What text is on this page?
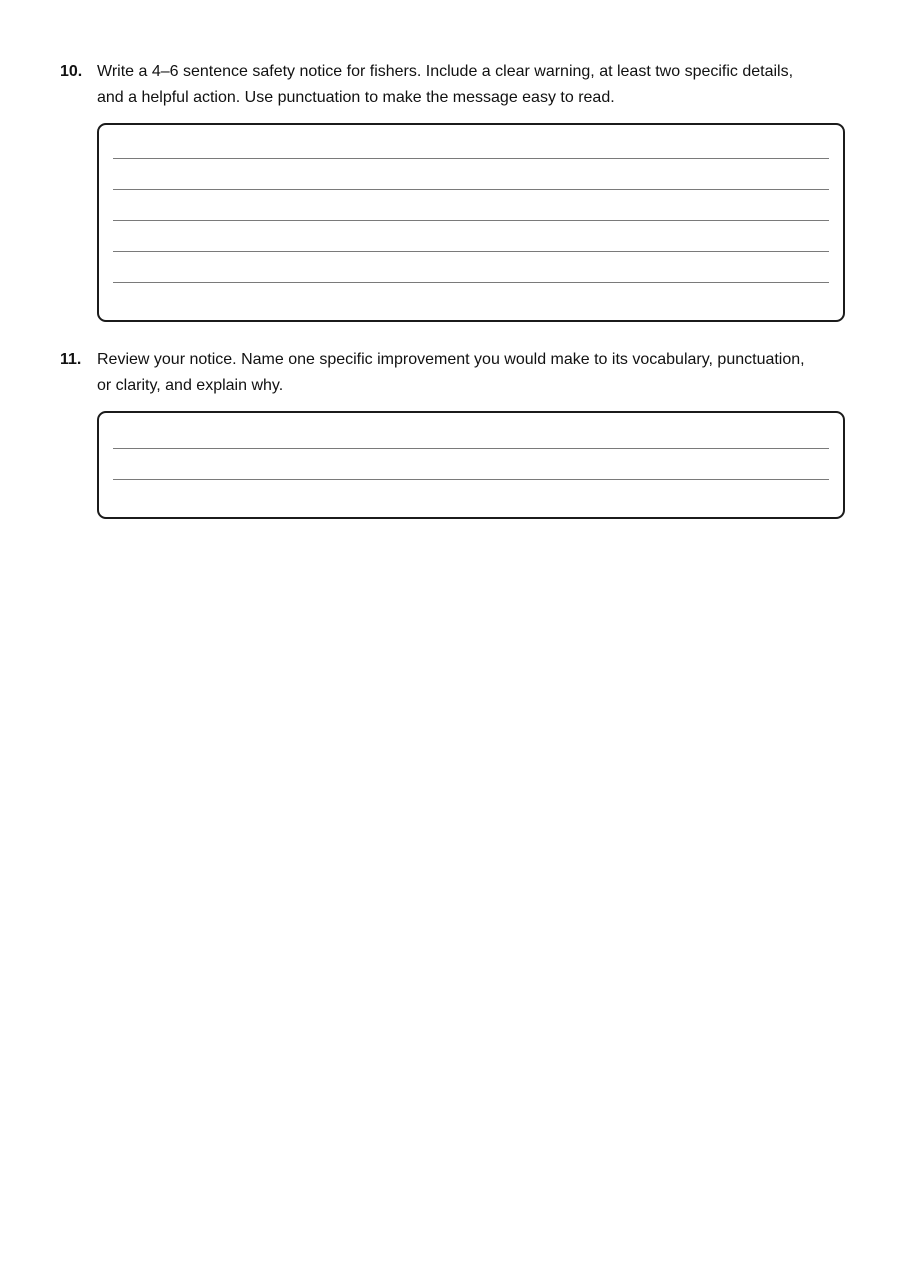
10. Write a 4–6 sentence safety notice for fishers. Include a clear warning, at least two specific details, and a helpful action. Use punctuation to make the message easy to read.
11. Review your notice. Name one specific improvement you would make to its vocabulary, punctuation, or clarity, and explain why.
